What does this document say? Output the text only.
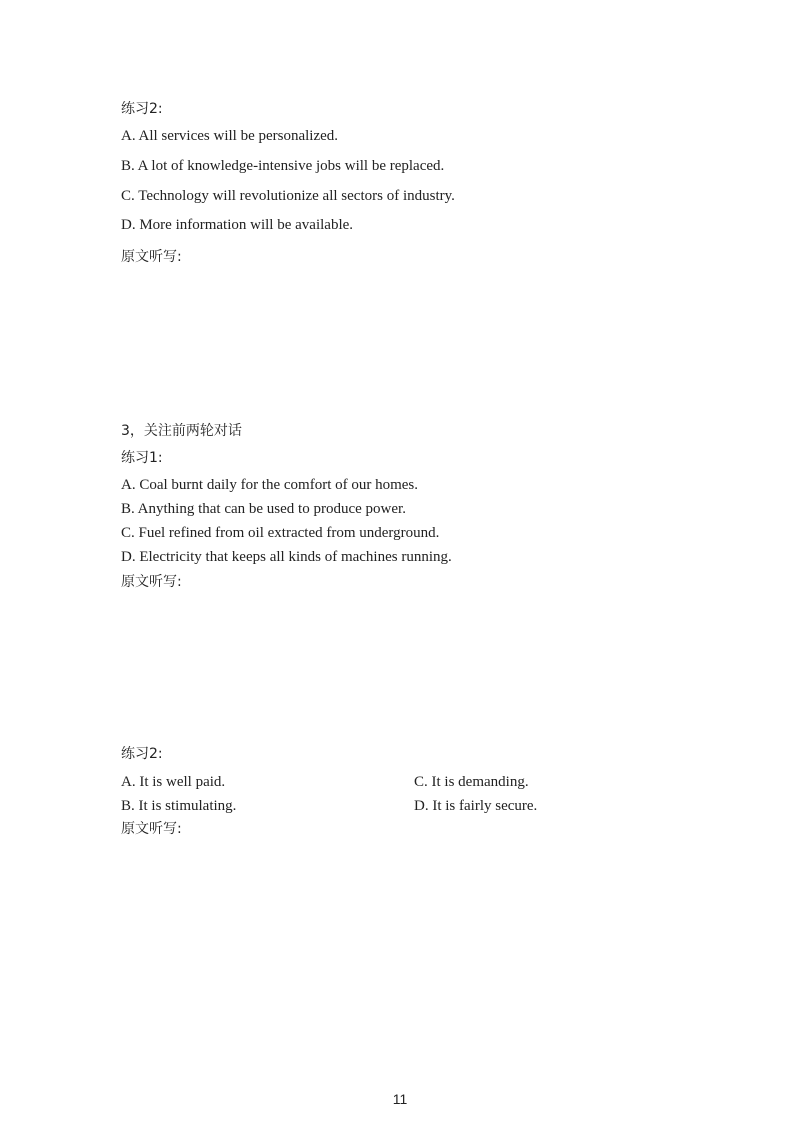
练习2:
A. All services will be personalized.
B. A lot of knowledge-intensive jobs will be replaced.
C. Technology will revolutionize all sectors of industry.
D. More information will be available.
原文听写:
3，关注前两轮对话
练习1:
A. Coal burnt daily for the comfort of our homes.
B. Anything that can be used to produce power.
C. Fuel refined from oil extracted from underground.
D. Electricity that keeps all kinds of machines running.
原文听写:
练习2:
A. It is well paid.	C. It is demanding.
B. It is stimulating.	D. It is fairly secure.
原文听写:
11
